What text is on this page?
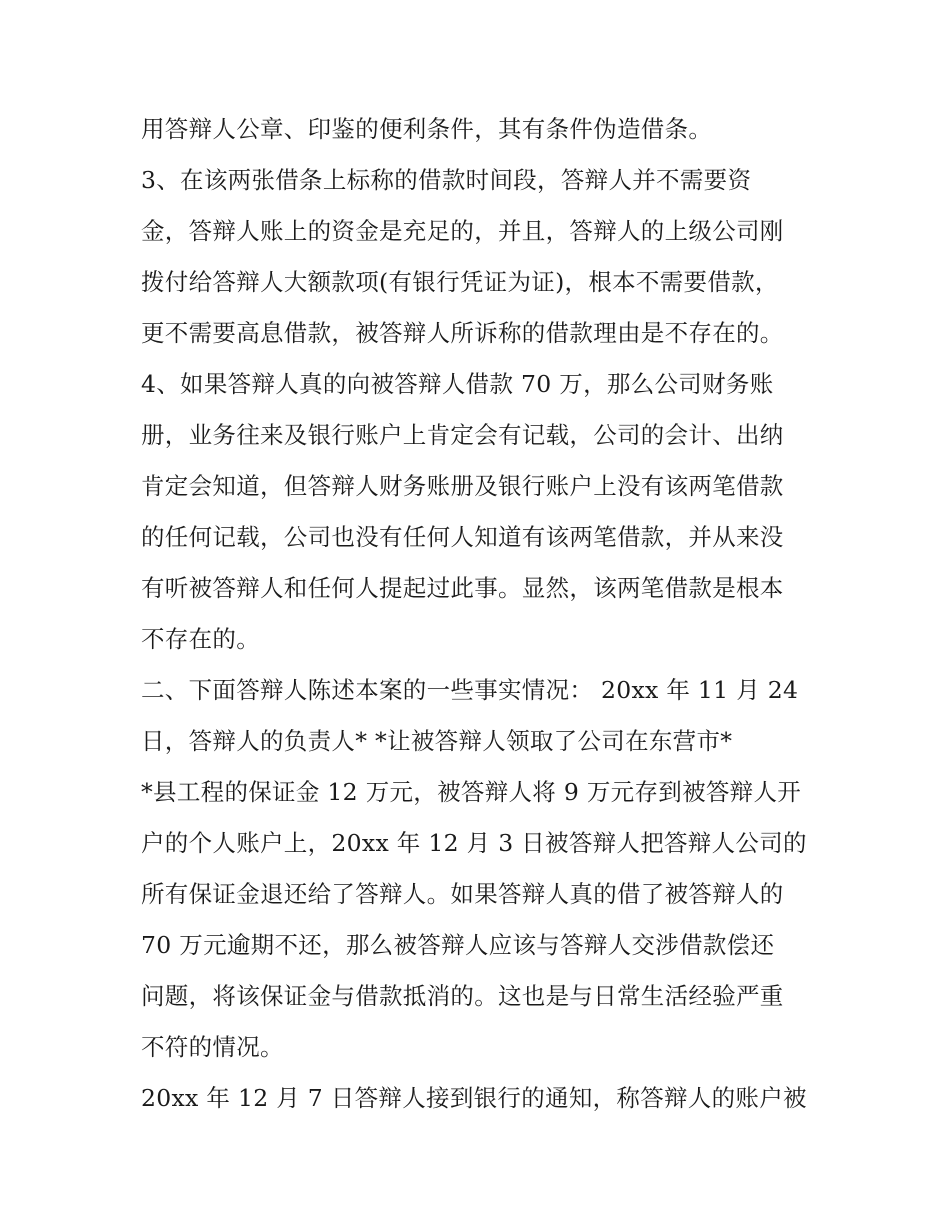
用答辩人公章、印鉴的便利条件，其有条件伪造借条。
3、在该两张借条上标称的借款时间段，答辩人并不需要资
金，答辩人账上的资金是充足的，并且，答辩人的上级公司刚
拨付给答辩人大额款项(有银行凭证为证)，根本不需要借款，
更不需要高息借款，被答辩人所诉称的借款理由是不存在的。
4、如果答辩人真的向被答辩人借款 70 万，那么公司财务账
册，业务往来及银行账户上肯定会有记载，公司的会计、出纳
肯定会知道，但答辩人财务账册及银行账户上没有该两笔借款
的任何记载，公司也没有任何人知道有该两笔借款，并从来没
有听被答辩人和任何人提起过此事。显然，该两笔借款是根本
不存在的。
二、下面答辩人陈述本案的一些事实情况： 20xx 年 11 月 24
日，答辩人的负责人* *让被答辩人领取了公司在东营市*
*县工程的保证金 12 万元，被答辩人将 9 万元存到被答辩人开
户的个人账户上，20xx 年 12 月 3 日被答辩人把答辩人公司的
所有保证金退还给了答辩人。如果答辩人真的借了被答辩人的
70 万元逾期不还，那么被答辩人应该与答辩人交涉借款偿还
问题，将该保证金与借款抵消的。这也是与日常生活经验严重
不符的情况。
20xx 年 12 月 7 日答辩人接到银行的通知，称答辩人的账户被
